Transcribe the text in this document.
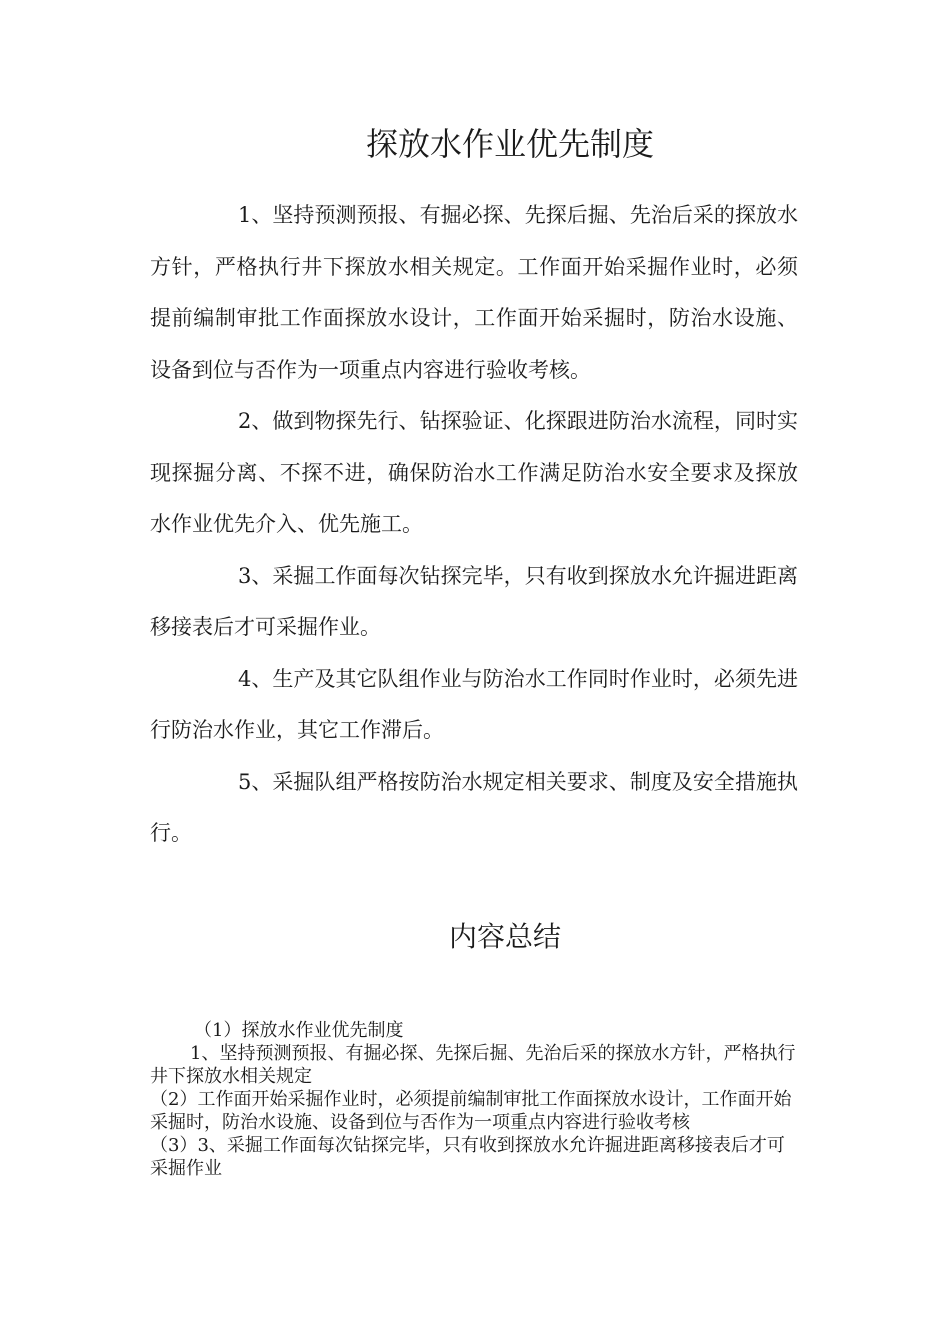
探放水作业优先制度

1、坚持预测预报、有掘必探、先探后掘、先治后采的探放水方针，严格执行井下探放水相关规定。工作面开始采掘作业时，必须提前编制审批工作面探放水设计，工作面开始采掘时，防治水设施、设备到位与否作为一项重点内容进行验收考核。

2、做到物探先行、钻探验证、化探跟进防治水流程，同时实现探掘分离、不探不进，确保防治水工作满足防治水安全要求及探放水作业优先介入、优先施工。

3、采掘工作面每次钻探完毕，只有收到探放水允许掘进距离移接表后才可采掘作业。

4、生产及其它队组作业与防治水工作同时作业时，必须先进行防治水作业，其它工作滞后。

5、采掘队组严格按防治水规定相关要求、制度及安全措施执行。

内容总结

（1）探放水作业优先制度

1、坚持预测预报、有掘必探、先探后掘、先治后采的探放水方针，严格执行井下探放水相关规定

（2）工作面开始采掘作业时，必须提前编制审批工作面探放水设计，工作面开始采掘时，防治水设施、设备到位与否作为一项重点内容进行验收考核

（3）3、采掘工作面每次钻探完毕，只有收到探放水允许掘进距离移接表后才可采掘作业
